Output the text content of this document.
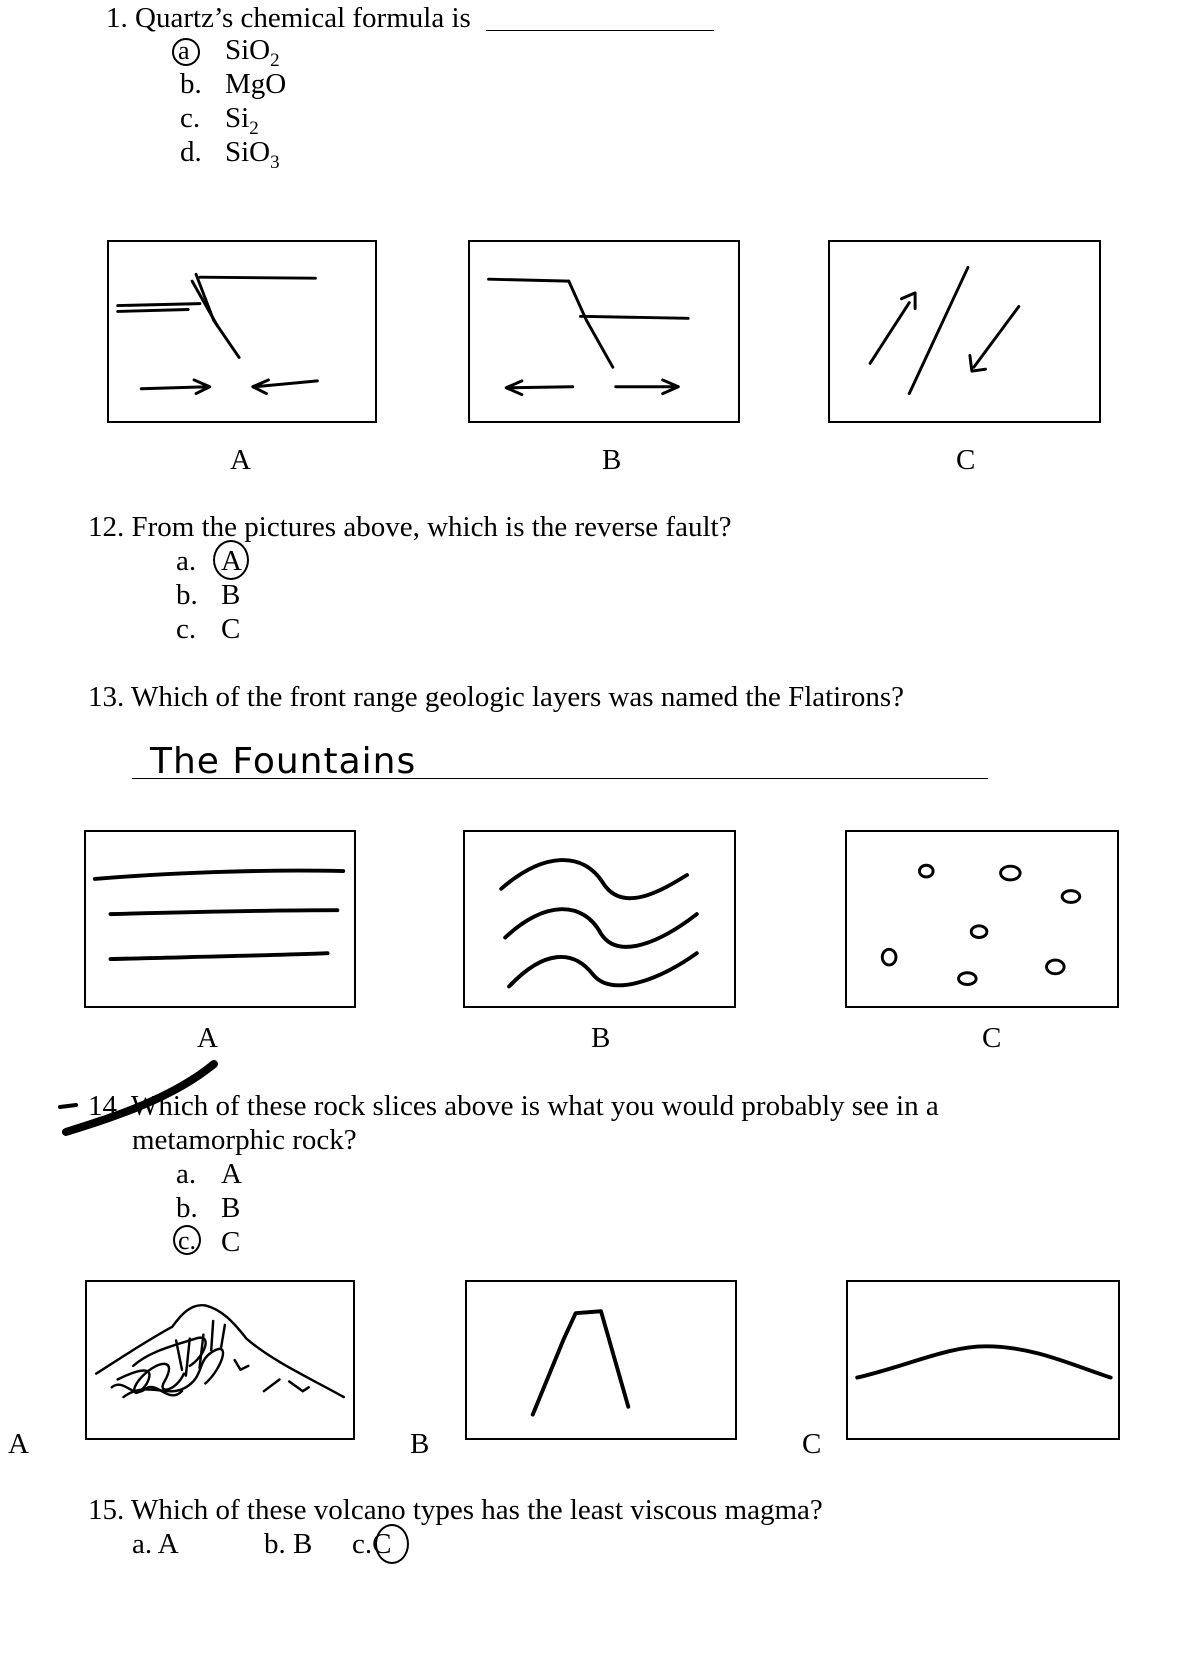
1. Quartz’s chemical formula is
a SiO$_2$
b. MgO
c. $Si_2$
d. SiO$_3$
A	B	C
12. From the pictures above, which is the reverse fault?
a. A
b. B
c. C
13. Which of the front range geologic layers was named the Flatirons?
The Fountains
A	B	C
14. Which of these rock slices above is what you would probably see in a
metamorphic rock?
a. A
b. B
c. C
A	B	C
15. Which of these volcano types has the least viscous magma?
a. A	b. B c.C
